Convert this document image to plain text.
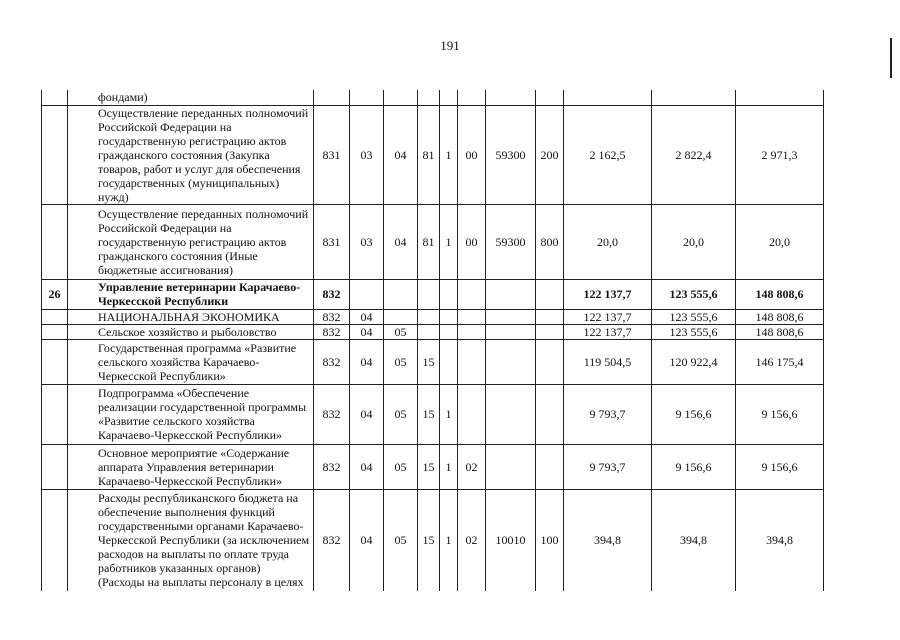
191
	фондами)											
	Осуществление переданных полномочий Российской Федерации на государственную регистрацию актов гражданского состояния (Закупка товаров, работ и услуг для обеспечения государственных (муниципальных) нужд)	831	03	04	81	1	00	59300	200	2 162,5	2 822,4	2 971,3
	Осуществление переданных полномочий Российской Федерации на государственную регистрацию актов гражданского состояния (Иные бюджетные ассигнования)	831	03	04	81	1	00	59300	800	20,0	20,0	20,0
26	Управление ветеринарии Карачаево-Черкесской Республики	832								122 137,7	123 555,6	148 808,6
	НАЦИОНАЛЬНАЯ ЭКОНОМИКА	832	04							122 137,7	123 555,6	148 808,6
	Сельское хозяйство и рыболовство	832	04	05						122 137,7	123 555,6	148 808,6
	Государственная программа «Развитие сельского хозяйства Карачаево-Черкесской Республики»	832	04	05	15					119 504,5	120 922,4	146 175,4
	Подпрограмма «Обеспечение реализации государственной программы «Развитие сельского хозяйства Карачаево-Черкесской Республики»	832	04	05	15	1				9 793,7	9 156,6	9 156,6
	Основное мероприятие «Содержание аппарата Управления ветеринарии Карачаево-Черкесской Республики»	832	04	05	15	1	02			9 793,7	9 156,6	9 156,6
	Расходы республиканского бюджета на обеспечение выполнения функций государственными органами Карачаево-Черкесской Республики (за исключением расходов на выплаты по оплате труда работников указанных органов) (Расходы на выплаты персоналу в целях	832	04	05	15	1	02	10010	100	394,8	394,8	394,8
